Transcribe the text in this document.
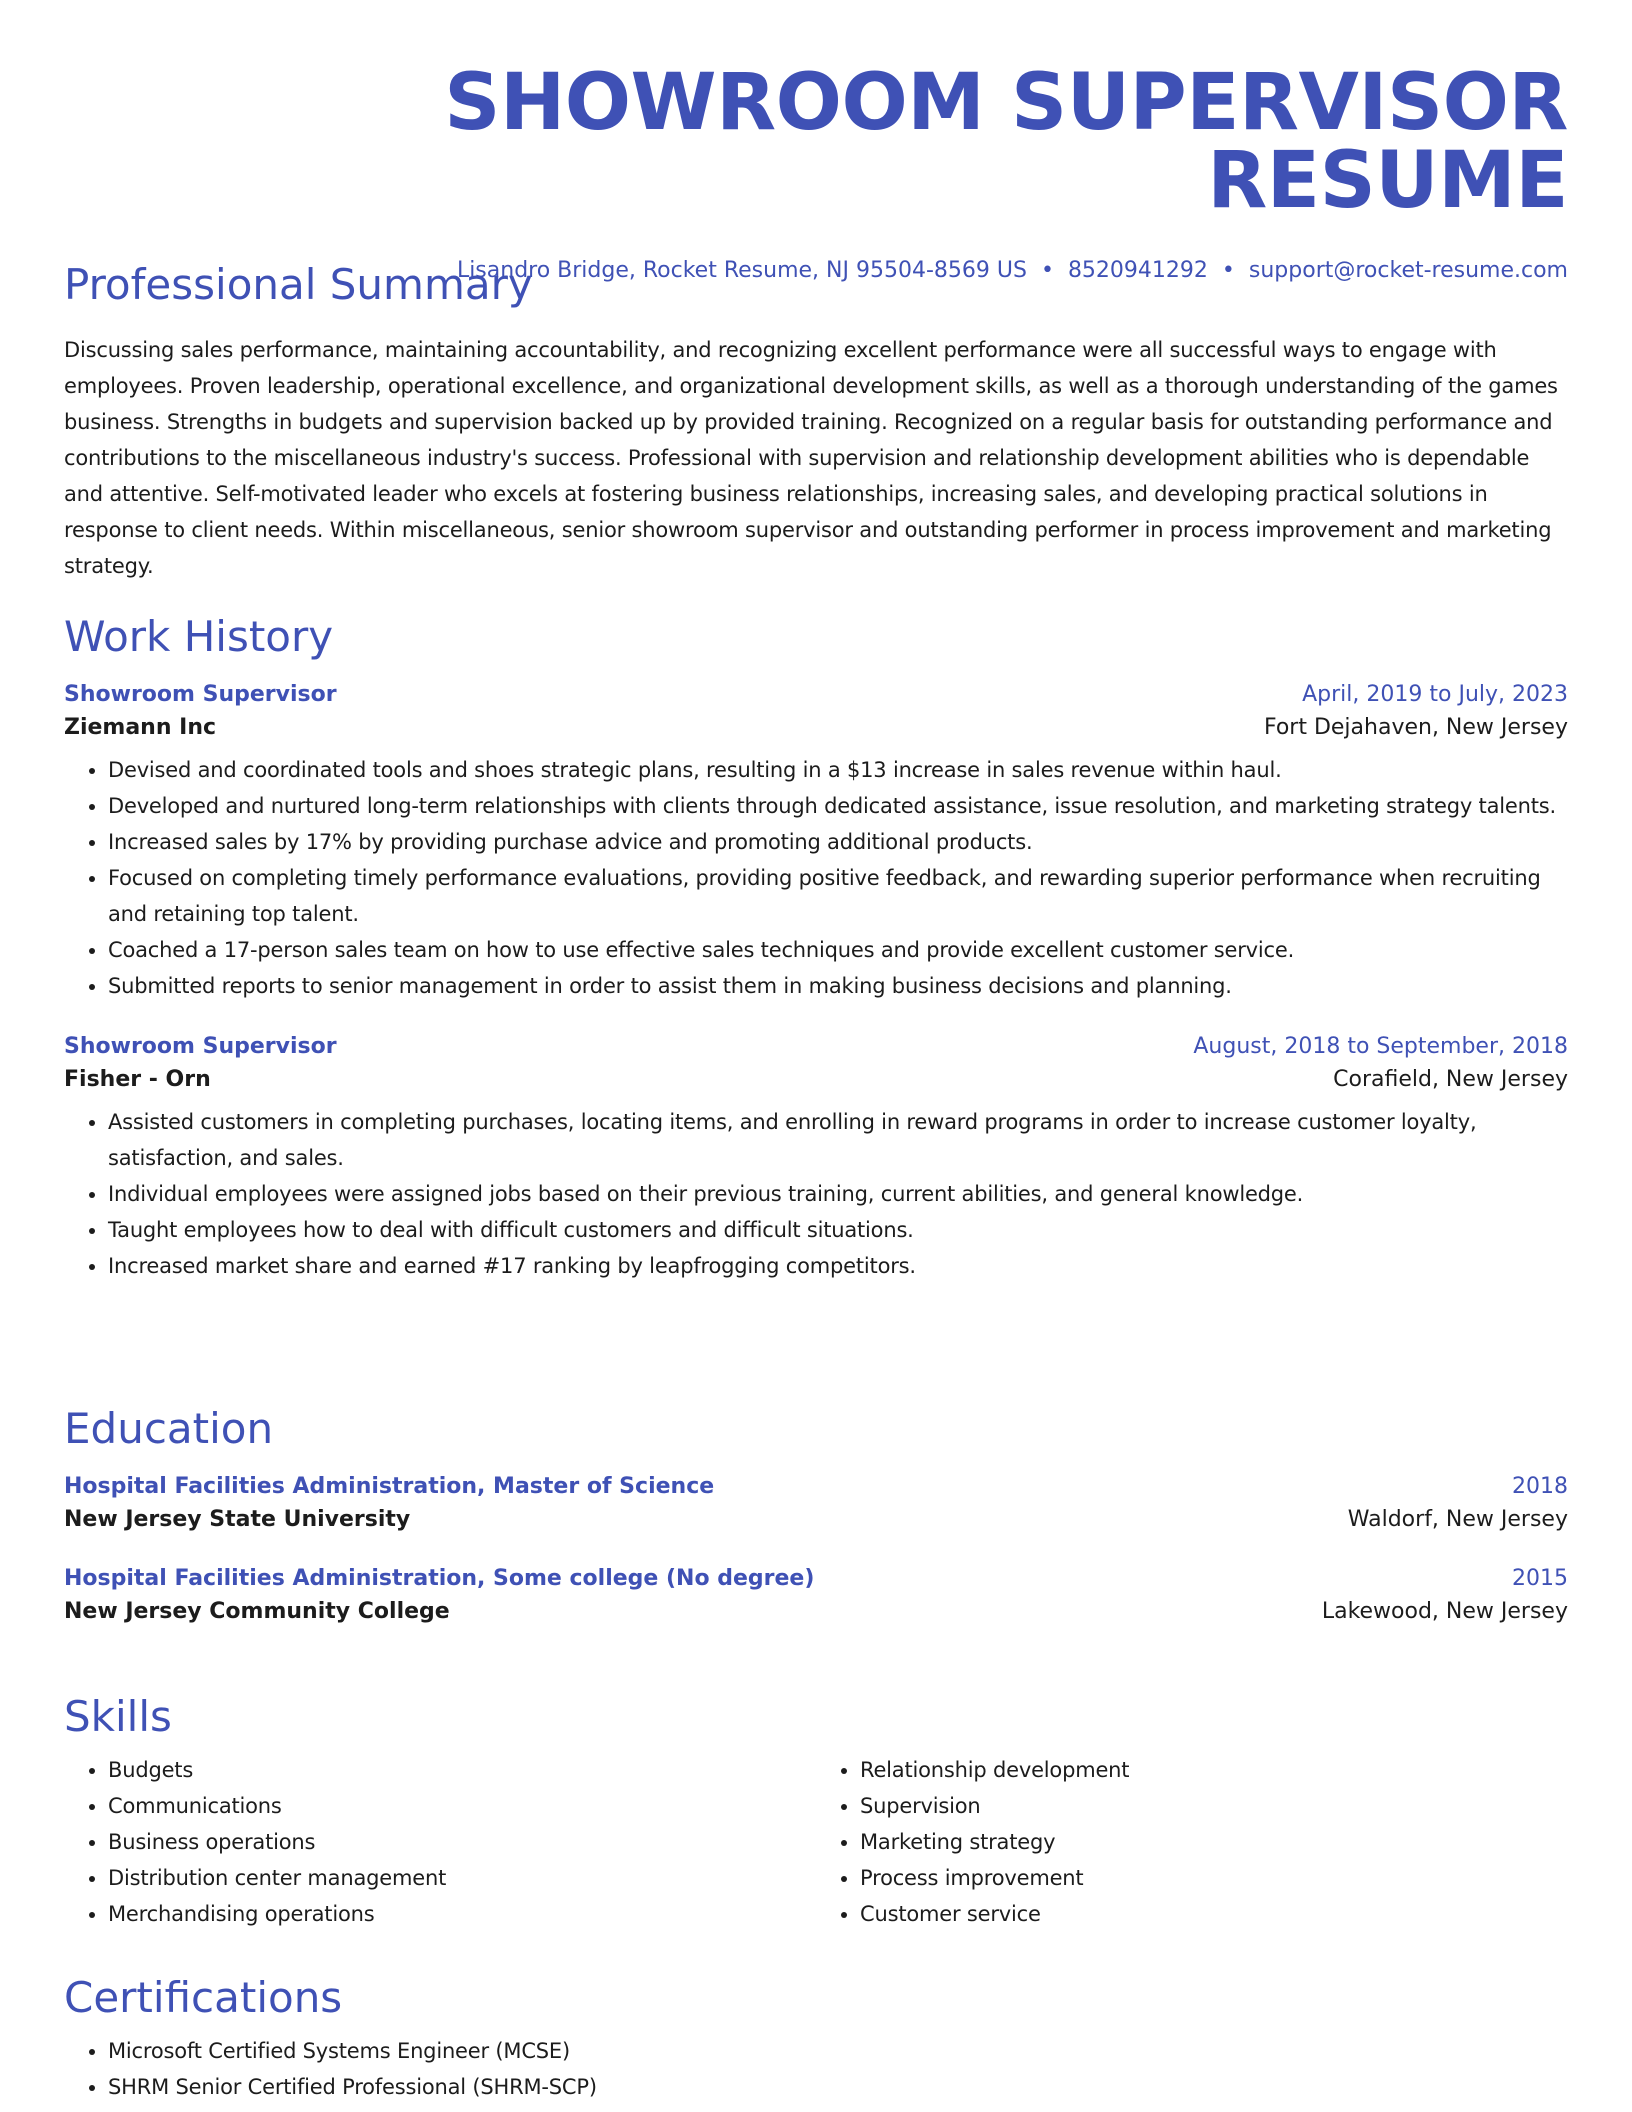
SHOWROOM SUPERVISOR RESUME
Lisandro Bridge, Rocket Resume, NJ 95504-8569 US • 8520941292 • support@rocket-resume.com
Professional Summary
Discussing sales performance, maintaining accountability, and recognizing excellent performance were all successful ways to engage with employees. Proven leadership, operational excellence, and organizational development skills, as well as a thorough understanding of the games business. Strengths in budgets and supervision backed up by provided training. Recognized on a regular basis for outstanding performance and contributions to the miscellaneous industry's success. Professional with supervision and relationship development abilities who is dependable and attentive. Self-motivated leader who excels at fostering business relationships, increasing sales, and developing practical solutions in response to client needs. Within miscellaneous, senior showroom supervisor and outstanding performer in process improvement and marketing strategy.
Work History
Showroom Supervisor	April, 2019 to July, 2023
Ziemann Inc	Fort Dejahaven, New Jersey
• Devised and coordinated tools and shoes strategic plans, resulting in a $13 increase in sales revenue within haul.
• Developed and nurtured long-term relationships with clients through dedicated assistance, issue resolution, and marketing strategy talents.
• Increased sales by 17% by providing purchase advice and promoting additional products.
• Focused on completing timely performance evaluations, providing positive feedback, and rewarding superior performance when recruiting and retaining top talent.
• Coached a 17-person sales team on how to use effective sales techniques and provide excellent customer service.
• Submitted reports to senior management in order to assist them in making business decisions and planning.
Showroom Supervisor	August, 2018 to September, 2018
Fisher - Orn	Corafield, New Jersey
• Assisted customers in completing purchases, locating items, and enrolling in reward programs in order to increase customer loyalty, satisfaction, and sales.
• Individual employees were assigned jobs based on their previous training, current abilities, and general knowledge.
• Taught employees how to deal with difficult customers and difficult situations.
• Increased market share and earned #17 ranking by leapfrogging competitors.
Education
Hospital Facilities Administration, Master of Science	2018
New Jersey State University	Waldorf, New Jersey
Hospital Facilities Administration, Some college (No degree)	2015
New Jersey Community College	Lakewood, New Jersey
Skills
• Budgets
• Communications
• Business operations
• Distribution center management
• Merchandising operations
• Relationship development
• Supervision
• Marketing strategy
• Process improvement
• Customer service
Certifications
• Microsoft Certified Systems Engineer (MCSE)
• SHRM Senior Certified Professional (SHRM-SCP)
